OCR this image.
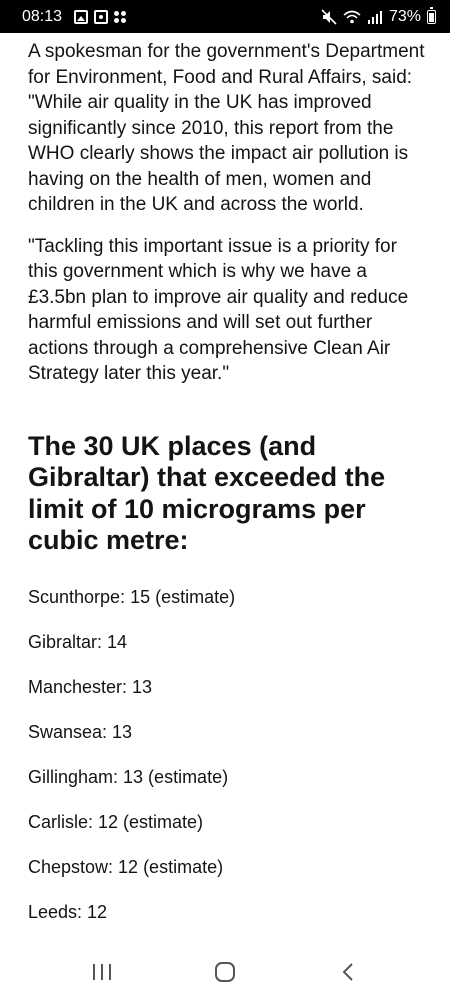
08:13	73%

A spokesman for the government's Department for Environment, Food and Rural Affairs, said: "While air quality in the UK has improved significantly since 2010, this report from the WHO clearly shows the impact air pollution is having on the health of men, women and children in the UK and across the world.

"Tackling this important issue is a priority for this government which is why we have a £3.5bn plan to improve air quality and reduce harmful emissions and will set out further actions through a comprehensive Clean Air Strategy later this year."

The 30 UK places (and Gibraltar) that exceeded the limit of 10 micrograms per cubic metre:

Scunthorpe: 15 (estimate)

Gibraltar: 14

Manchester: 13

Swansea: 13

Gillingham: 13 (estimate)

Carlisle: 12 (estimate)

Chepstow: 12 (estimate)

Leeds: 12
